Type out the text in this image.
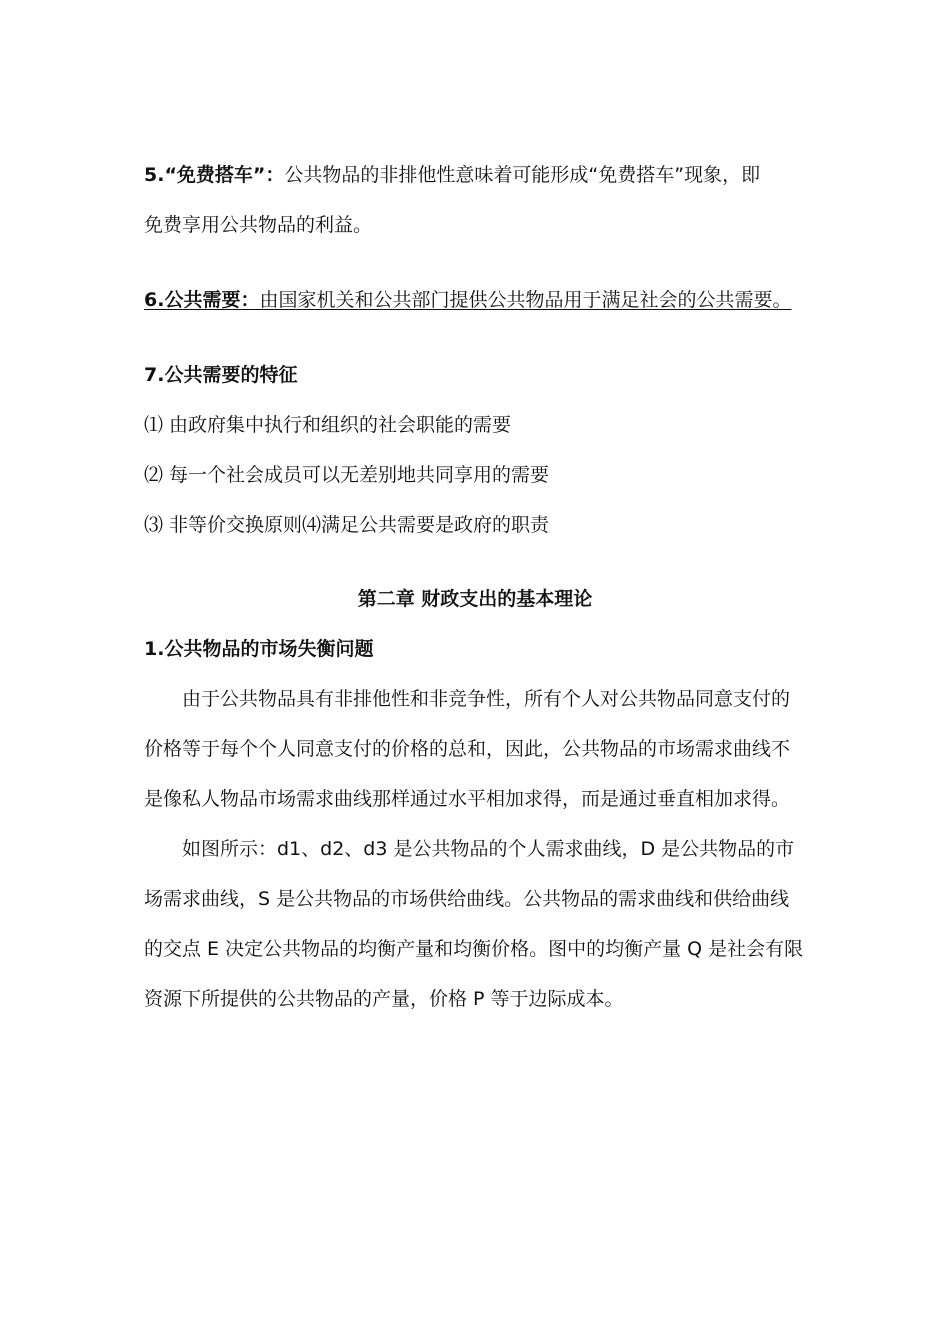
5.“免费搭车”：公共物品的非排他性意味着可能形成“免费搭车”现象，即
免费享用公共物品的利益。
6.公共需要：由国家机关和公共部门提供公共物品用于满足社会的公共需要。
7.公共需要的特征
⑴ 由政府集中执行和组织的社会职能的需要
⑵ 每一个社会成员可以无差别地共同享用的需要
⑶ 非等价交换原则⑷满足公共需要是政府的职责
第二章 财政支出的基本理论
1.公共物品的市场失衡问题
由于公共物品具有非排他性和非竞争性，所有个人对公共物品同意支付的
价格等于每个个人同意支付的价格的总和，因此，公共物品的市场需求曲线不
是像私人物品市场需求曲线那样通过水平相加求得，而是通过垂直相加求得。
如图所示：d1、d2、d3 是公共物品的个人需求曲线，D 是公共物品的市
场需求曲线，S 是公共物品的市场供给曲线。公共物品的需求曲线和供给曲线
的交点 E 决定公共物品的均衡产量和均衡价格。图中的均衡产量 Q 是社会有限
资源下所提供的公共物品的产量，价格 P 等于边际成本。
